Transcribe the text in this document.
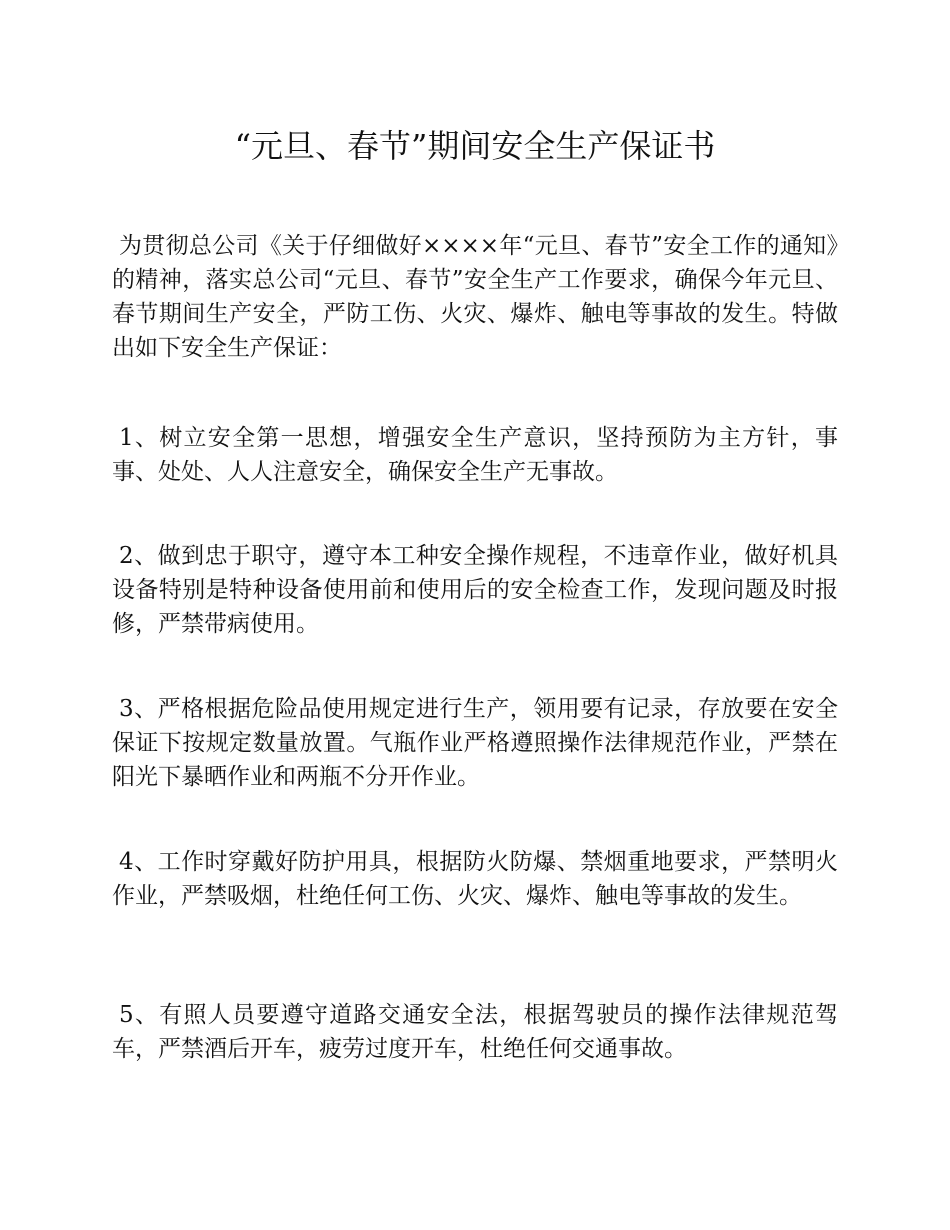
“元旦、春节”期间安全生产保证书

为贯彻总公司《关于仔细做好××××年“元旦、春节”安全工作的通知》的精神，落实总公司“元旦、春节”安全生产工作要求，确保今年元旦、春节期间生产安全，严防工伤、火灾、爆炸、触电等事故的发生。特做出如下安全生产保证：

1、树立安全第一思想，增强安全生产意识，坚持预防为主方针，事事、处处、人人注意安全，确保安全生产无事故。

2、做到忠于职守，遵守本工种安全操作规程，不违章作业，做好机具设备特别是特种设备使用前和使用后的安全检查工作，发现问题及时报修，严禁带病使用。

3、严格根据危险品使用规定进行生产，领用要有记录，存放要在安全保证下按规定数量放置。气瓶作业严格遵照操作法律规范作业，严禁在阳光下暴晒作业和两瓶不分开作业。

4、工作时穿戴好防护用具，根据防火防爆、禁烟重地要求，严禁明火作业，严禁吸烟，杜绝任何工伤、火灾、爆炸、触电等事故的发生。

5、有照人员要遵守道路交通安全法，根据驾驶员的操作法律规范驾车，严禁酒后开车，疲劳过度开车，杜绝任何交通事故。
